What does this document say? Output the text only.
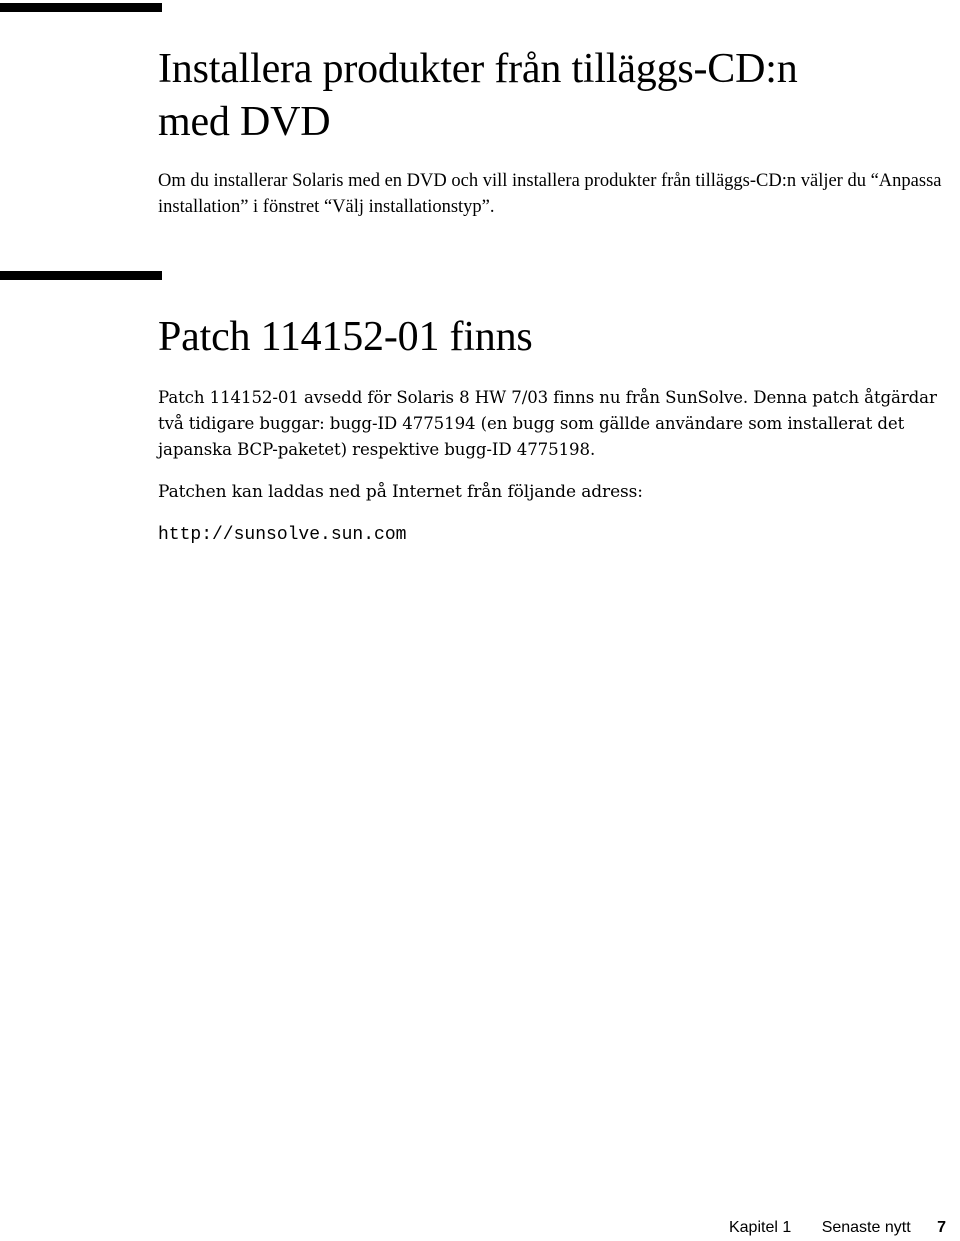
Installera produkter från tilläggs-CD:n
med DVD

Om du installerar Solaris med en DVD och vill installera produkter från tilläggs-CD:n väljer du “Anpassa installation” i fönstret “Välj installationstyp”.

Patch 114152-01 finns

Patch 114152-01 avsedd för Solaris 8 HW 7/03 finns nu från SunSolve. Denna patch åtgärdar två tidigare buggar: bugg-ID 4775194 (en bugg som gällde användare som installerat det japanska BCP-paketet) respektive bugg-ID 4775198.

Patchen kan laddas ned på Internet från följande adress:

http://sunsolve.sun.com

Kapitel 1 Senaste nytt 7
